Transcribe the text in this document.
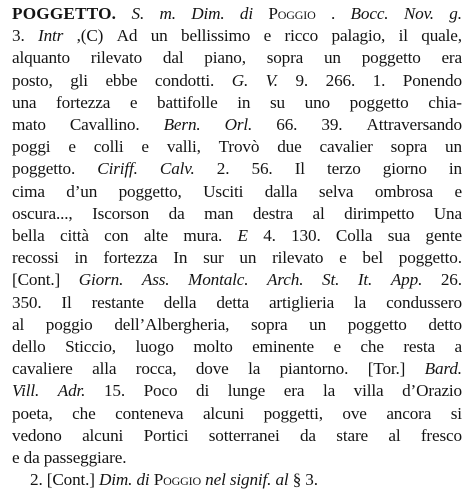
POGGETTO. S. m. Dim. di Poggio . Bocc. Nov. g.
3. Intr ,(C) Ad un bellissimo e ricco palagio, il quale,
alquanto rilevato dal piano, sopra un poggetto era
posto, gli ebbe condotti. G. V. 9. 266. 1. Ponendo
una fortezza e battifolle in su uno poggetto chia-
mato Cavallino. Bern. Orl. 66. 39. Attraversando
poggi e colli e valli, Trovò due cavalier sopra un
poggetto. Ciriff. Calv. 2. 56. Il terzo giorno in
cima d’un poggetto, Usciti dalla selva ombrosa e
oscura..., Iscorson da man destra al dirimpetto Una
bella città con alte mura. E 4. 130. Colla sua gente
recossi in fortezza In sur un rilevato e bel poggetto.
[Cont.] Giorn. Ass. Montalc. Arch. St. It. App. 26.
350. Il restante della detta artiglieria la condussero
al poggio dell’Albergheria, sopra un poggetto detto
dello Sticcio, luogo molto eminente e che resta a
cavaliere alla rocca, dove la piantorno. [Tor.] Bard.
Vill. Adr. 15. Poco di lunge era la villa d’Orazio
poeta, che conteneva alcuni poggetti, ove ancora si
vedono alcuni Portici sotterranei da stare al fresco
e da passeggiare.
2. [Cont.] Dim. di Poggio nel signif. al § 3.
